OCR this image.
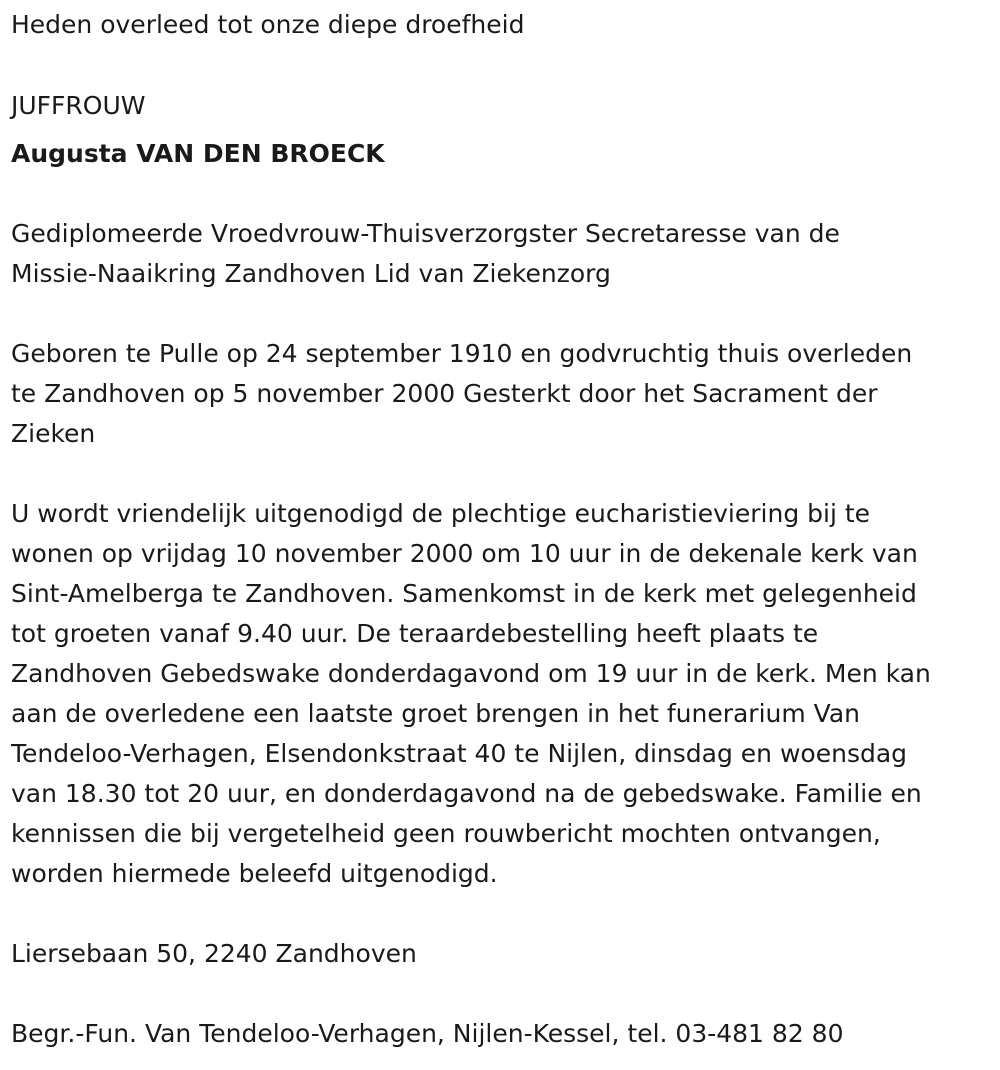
Heden overleed tot onze diepe droefheid

JUFFROUW

Augusta VAN DEN BROECK

Gediplomeerde Vroedvrouw-Thuisverzorgster Secretaresse van de

Missie-Naaikring Zandhoven Lid van Ziekenzorg

Geboren te Pulle op 24 september 1910 en godvruchtig thuis overleden

te Zandhoven op 5 november 2000 Gesterkt door het Sacrament der

Zieken

U wordt vriendelijk uitgenodigd de plechtige eucharistieviering bij te

wonen op vrijdag 10 november 2000 om 10 uur in de dekenale kerk van

Sint-Amelberga te Zandhoven. Samenkomst in de kerk met gelegenheid

tot groeten vanaf 9.40 uur. De teraardebestelling heeft plaats te

Zandhoven Gebedswake donderdagavond om 19 uur in de kerk. Men kan

aan de overledene een laatste groet brengen in het funerarium Van

Tendeloo-Verhagen, Elsendonkstraat 40 te Nijlen, dinsdag en woensdag

van 18.30 tot 20 uur, en donderdagavond na de gebedswake. Familie en

kennissen die bij vergetelheid geen rouwbericht mochten ontvangen,

worden hiermede beleefd uitgenodigd.

Liersebaan 50, 2240 Zandhoven

Begr.-Fun. Van Tendeloo-Verhagen, Nijlen-Kessel, tel. 03-481 82 80
